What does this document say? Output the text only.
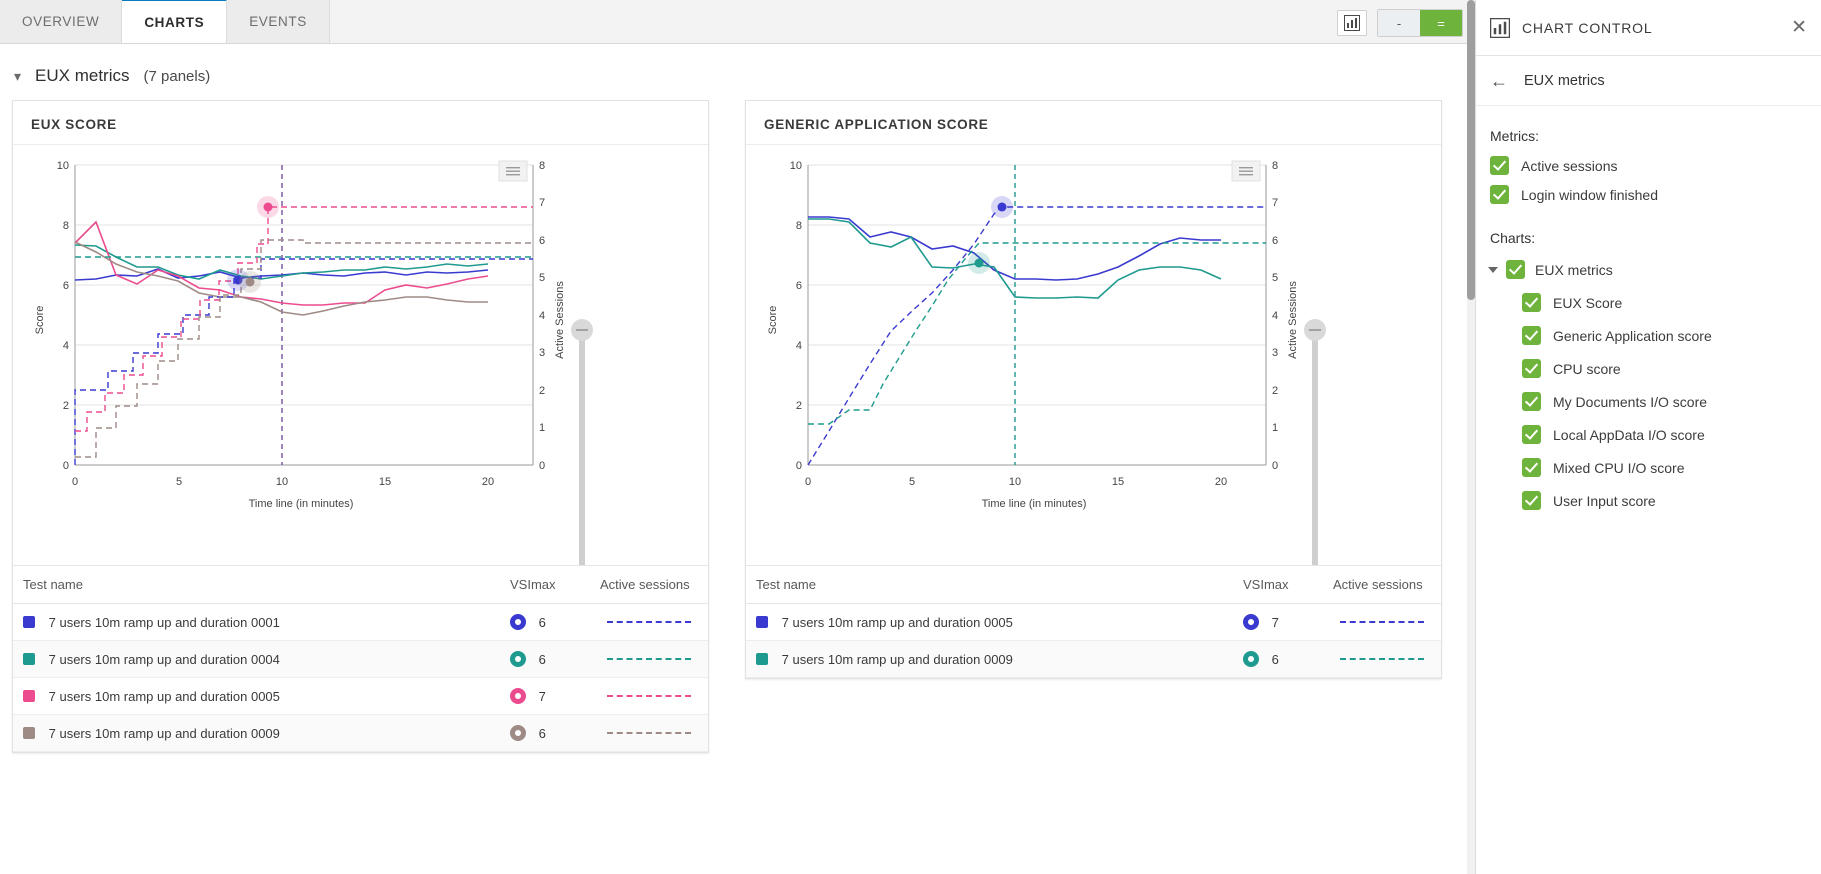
OVERVIEW	CHARTS	EVENTS	-	=
▾ EUX metrics (7 panels)
EUX SCORE
10
8
6
4
2
0
8
7
6
5
4
3
2
1
0
0	5	10	15	20
Score	Active Sessions
Time line (in minutes)
Test name	VSImax	Active sessions
7 users 10m ramp up and duration 0001	6	
7 users 10m ramp up and duration 0004	6	
7 users 10m ramp up and duration 0005	7	
7 users 10m ramp up and duration 0009	6	
GENERIC APPLICATION SCORE
10
8
6
4
2
0
8
7
6
5
4
3
2
1
0
0	5	10	15	20
Score	Active Sessions
Time line (in minutes)
Test name	VSImax	Active sessions
7 users 10m ramp up and duration 0005	7	
7 users 10m ramp up and duration 0009	6	
CHART CONTROL	✕
← EUX metrics
Metrics:
Active sessions
Login window finished
Charts:
EUX metrics
EUX Score
Generic Application score
CPU score
My Documents I/O score
Local AppData I/O score
Mixed CPU I/O score
User Input score
